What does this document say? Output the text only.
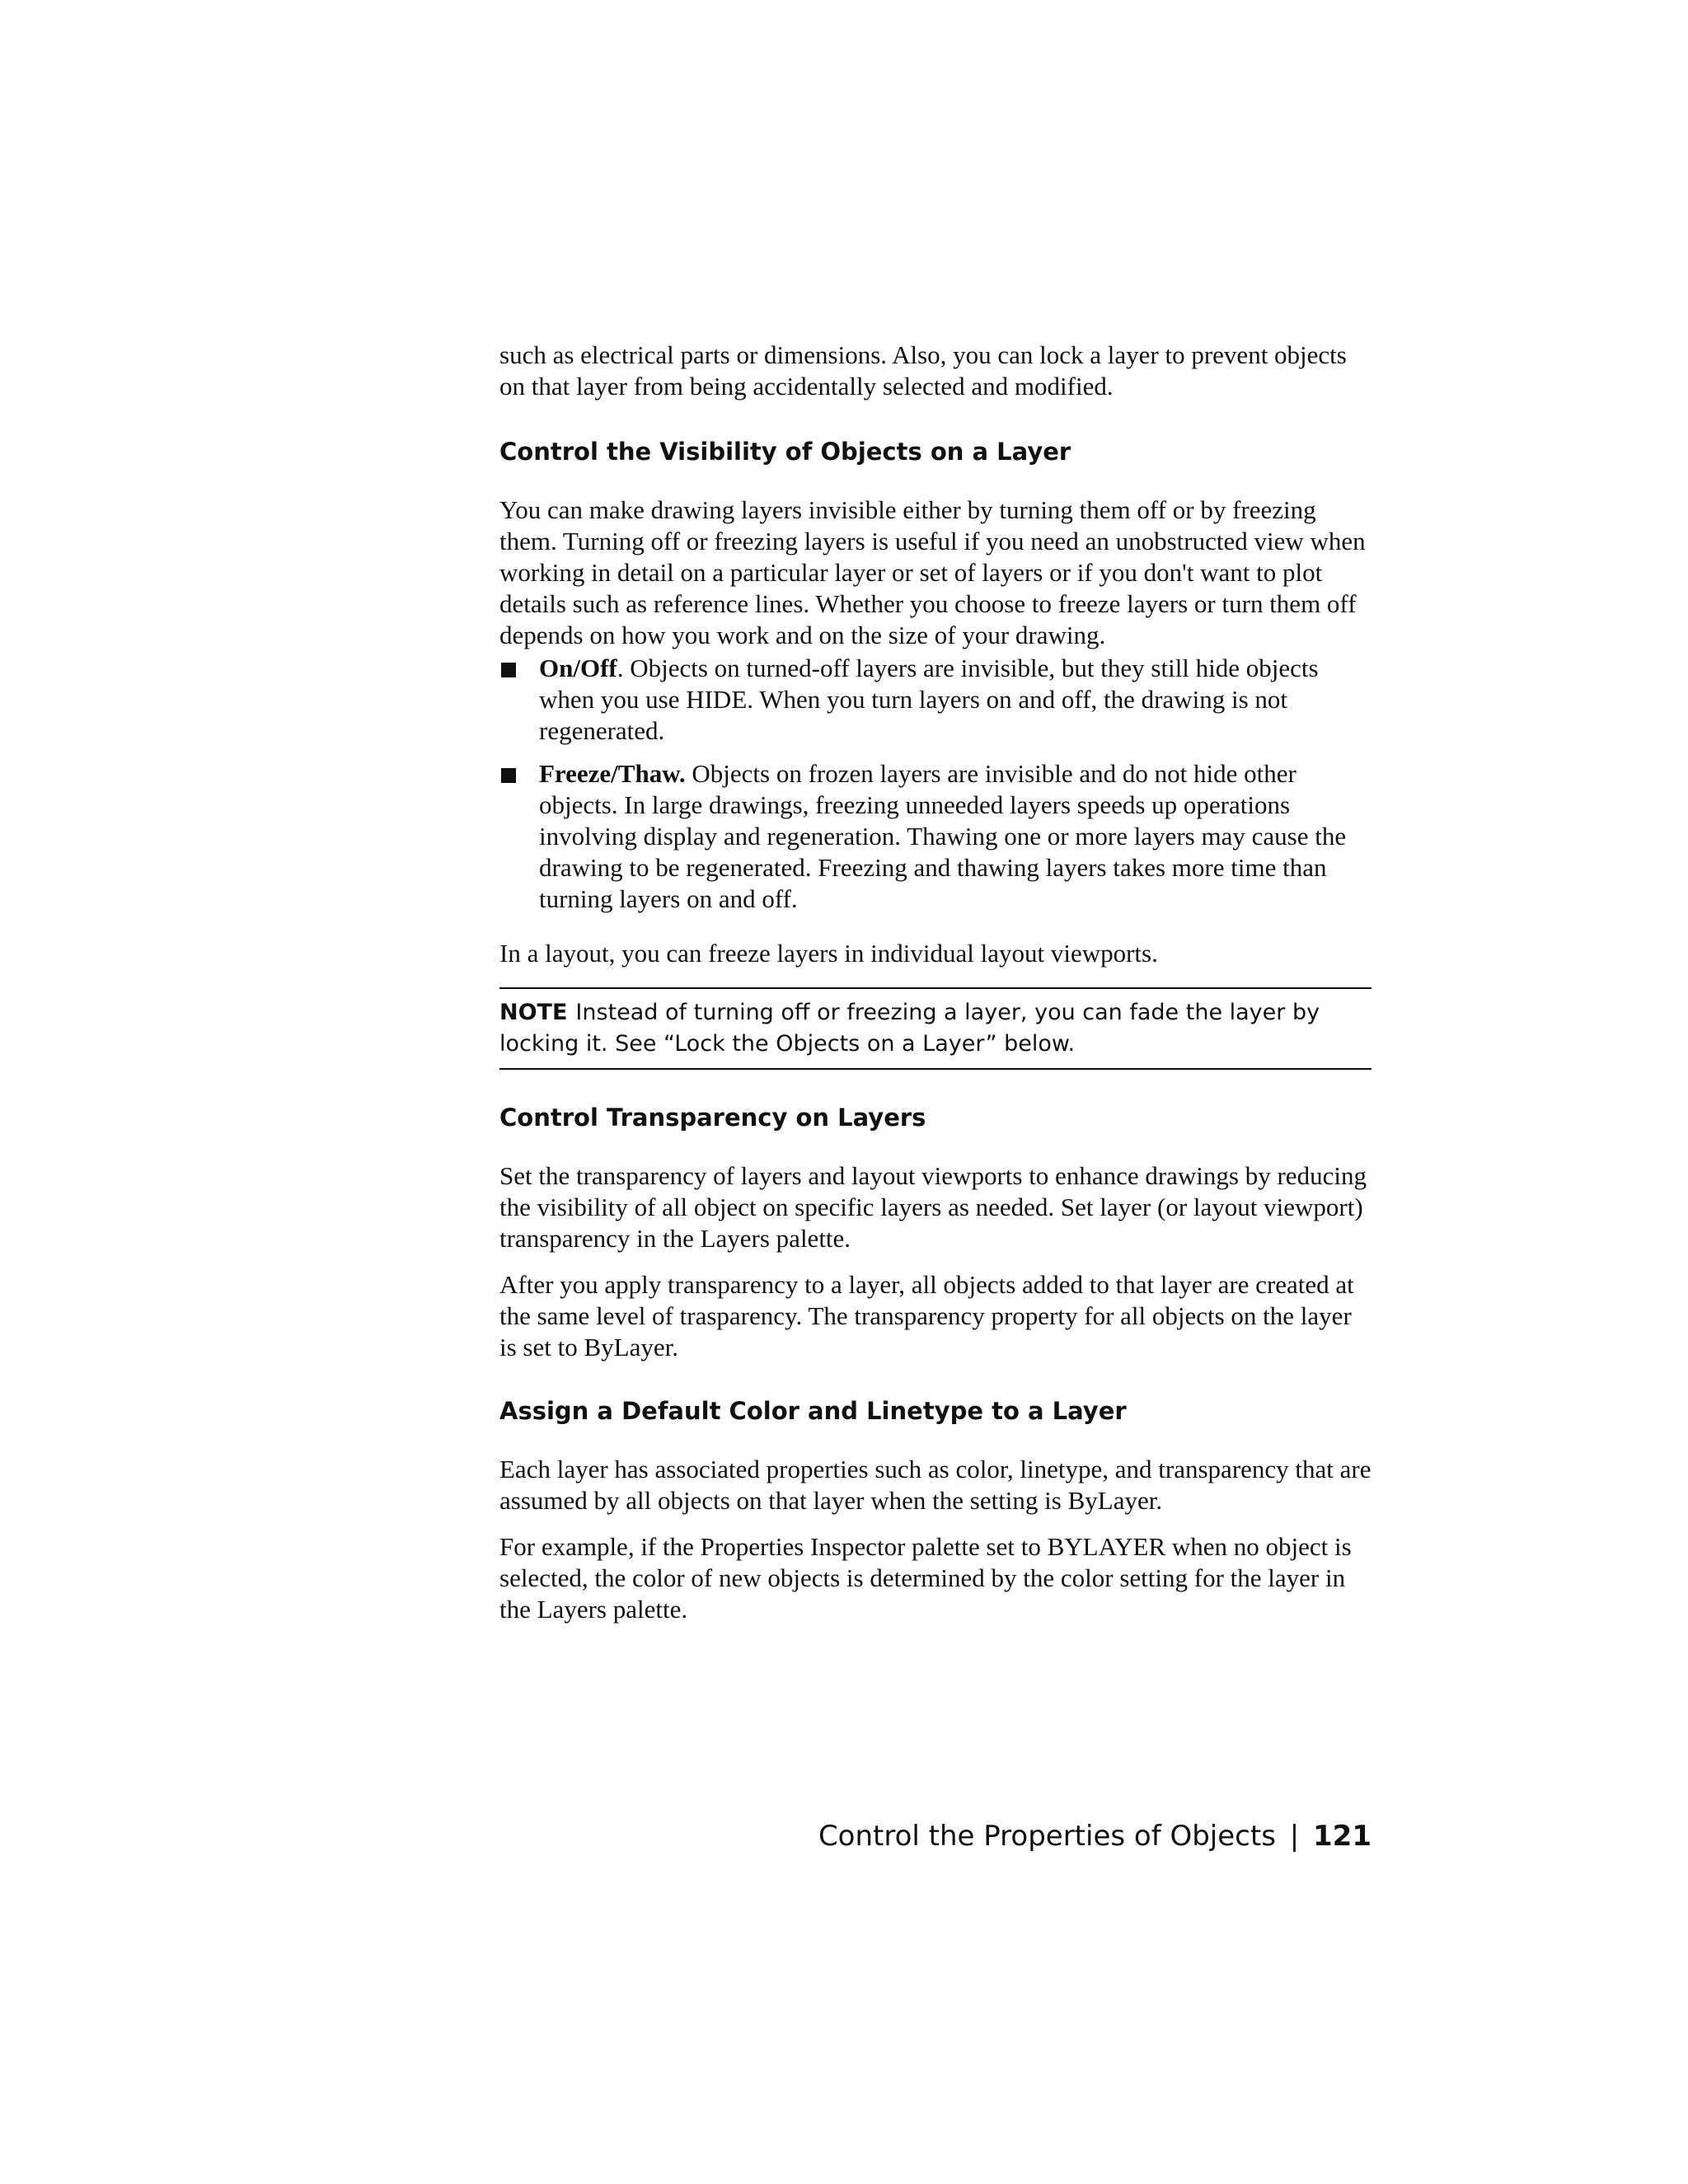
such as electrical parts or dimensions. Also, you can lock a layer to prevent objects on that layer from being accidentally selected and modified.

Control the Visibility of Objects on a Layer

You can make drawing layers invisible either by turning them off or by freezing them. Turning off or freezing layers is useful if you need an unobstructed view when working in detail on a particular layer or set of layers or if you don't want to plot details such as reference lines. Whether you choose to freeze layers or turn them off depends on how you work and on the size of your drawing.

On/Off. Objects on turned-off layers are invisible, but they still hide objects when you use HIDE. When you turn layers on and off, the drawing is not regenerated.
Freeze/Thaw. Objects on frozen layers are invisible and do not hide other objects. In large drawings, freezing unneeded layers speeds up operations involving display and regeneration. Thawing one or more layers may cause the drawing to be regenerated. Freezing and thawing layers takes more time than turning layers on and off.

In a layout, you can freeze layers in individual layout viewports.

NOTE Instead of turning off or freezing a layer, you can fade the layer by locking it. See “Lock the Objects on a Layer” below.

Control Transparency on Layers

Set the transparency of layers and layout viewports to enhance drawings by reducing the visibility of all object on specific layers as needed. Set layer (or layout viewport) transparency in the Layers palette.

After you apply transparency to a layer, all objects added to that layer are created at the same level of trasparency. The transparency property for all objects on the layer is set to ByLayer.

Assign a Default Color and Linetype to a Layer

Each layer has associated properties such as color, linetype, and transparency that are assumed by all objects on that layer when the setting is ByLayer.

For example, if the Properties Inspector palette set to BYLAYER when no object is selected, the color of new objects is determined by the color setting for the layer in the Layers palette.

Control the Properties of Objects | 121
